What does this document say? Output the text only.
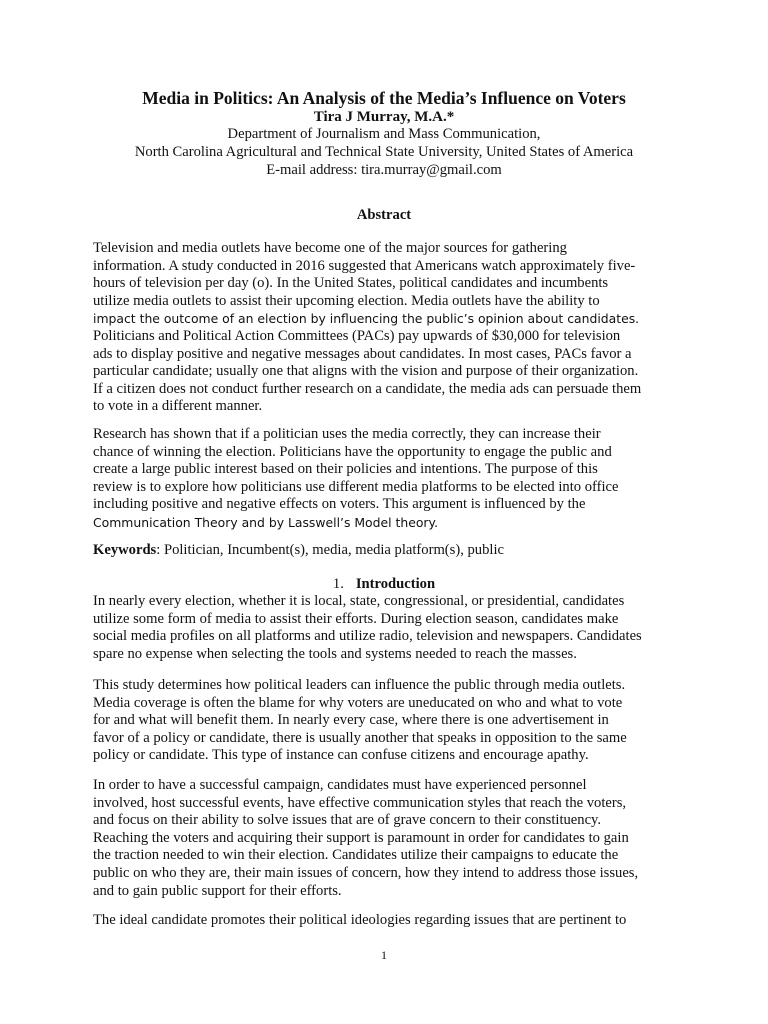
Media in Politics: An Analysis of the Media’s Influence on Voters
Tira J Murray, M.A.*
Department of Journalism and Mass Communication,
North Carolina Agricultural and Technical State University, United States of America
E-mail address: tira.murray@gmail.com
Abstract

Television and media outlets have become one of the major sources for gathering
information. A study conducted in 2016 suggested that Americans watch approximately five-
hours of television per day (o). In the United States, political candidates and incumbents
utilize media outlets to assist their upcoming election. Media outlets have the ability to
impact the outcome of an election by influencing the public’s opinion about candidates.
Politicians and Political Action Committees (PACs) pay upwards of $30,000 for television
ads to display positive and negative messages about candidates. In most cases, PACs favor a
particular candidate; usually one that aligns with the vision and purpose of their organization.
If a citizen does not conduct further research on a candidate, the media ads can persuade them
to vote in a different manner.

Research has shown that if a politician uses the media correctly, they can increase their
chance of winning the election. Politicians have the opportunity to engage the public and
create a large public interest based on their policies and intentions. The purpose of this
review is to explore how politicians use different media platforms to be elected into office
including positive and negative effects on voters. This argument is influenced by the
Communication Theory and by Lasswell’s Model theory.

Keywords: Politician, Incumbent(s), media, media platform(s), public

1. Introduction

In nearly every election, whether it is local, state, congressional, or presidential, candidates
utilize some form of media to assist their efforts. During election season, candidates make
social media profiles on all platforms and utilize radio, television and newspapers. Candidates
spare no expense when selecting the tools and systems needed to reach the masses.

This study determines how political leaders can influence the public through media outlets.
Media coverage is often the blame for why voters are uneducated on who and what to vote
for and what will benefit them. In nearly every case, where there is one advertisement in
favor of a policy or candidate, there is usually another that speaks in opposition to the same
policy or candidate. This type of instance can confuse citizens and encourage apathy.

In order to have a successful campaign, candidates must have experienced personnel
involved, host successful events, have effective communication styles that reach the voters,
and focus on their ability to solve issues that are of grave concern to their constituency.
Reaching the voters and acquiring their support is paramount in order for candidates to gain
the traction needed to win their election. Candidates utilize their campaigns to educate the
public on who they are, their main issues of concern, how they intend to address those issues,
and to gain public support for their efforts.

The ideal candidate promotes their political ideologies regarding issues that are pertinent to

1
